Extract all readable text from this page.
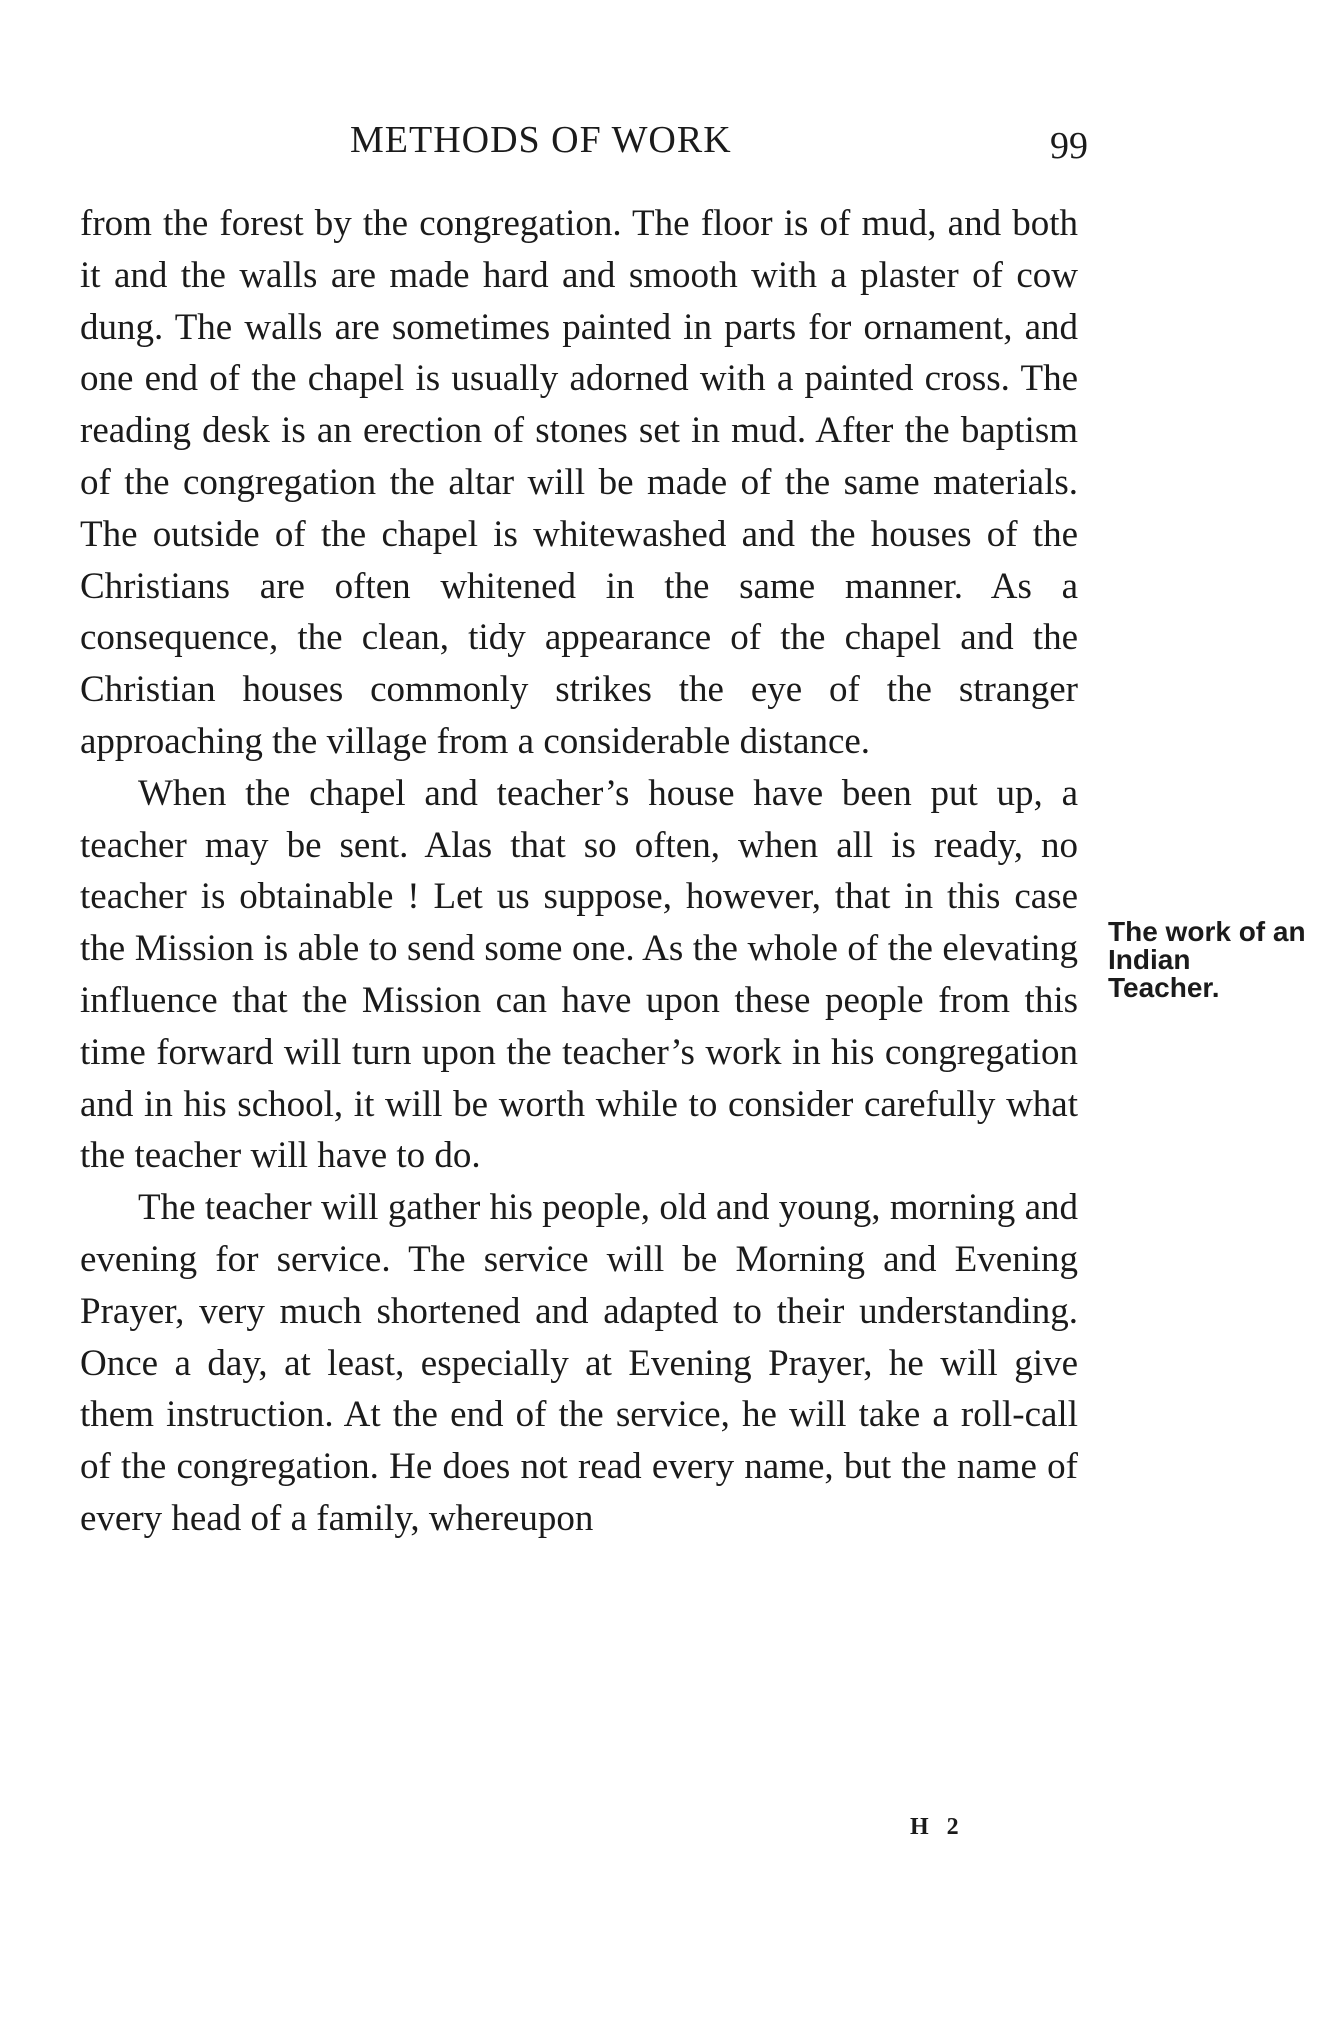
METHODS OF WORK	99

from the forest by the congregation. The floor is of mud, and both it and the walls are made hard and smooth with a plaster of cow dung. The walls are sometimes painted in parts for ornament, and one end of the chapel is usually adorned with a painted cross. The reading desk is an erection of stones set in mud. After the baptism of the congregation the altar will be made of the same materials. The outside of the chapel is whitewashed and the houses of the Christians are often whitened in the same manner. As a consequence, the clean, tidy appearance of the chapel and the Christian houses commonly strikes the eye of the stranger approaching the village from a considerable distance.

When the chapel and teacher’s house have been put up, a teacher may be sent. Alas that so often, when all is ready, no teacher is obtainable ! Let us suppose, however, that in this case the Mission is able to send some one. As the whole of the elevating influence that the Mission can have upon these people from this time forward will turn upon the teacher’s work in his congregation and in his school, it will be worth while to consider carefully what the teacher will have to do.

The teacher will gather his people, old and young, morning and evening for service. The service will be Morning and Evening Prayer, very much shortened and adapted to their understanding. Once a day, at least, especially at Evening Prayer, he will give them instruction. At the end of the service, he will take a roll-call of the congregation. He does not read every name, but the name of every head of a family, whereupon

The work of an Indian Teacher.
H 2
